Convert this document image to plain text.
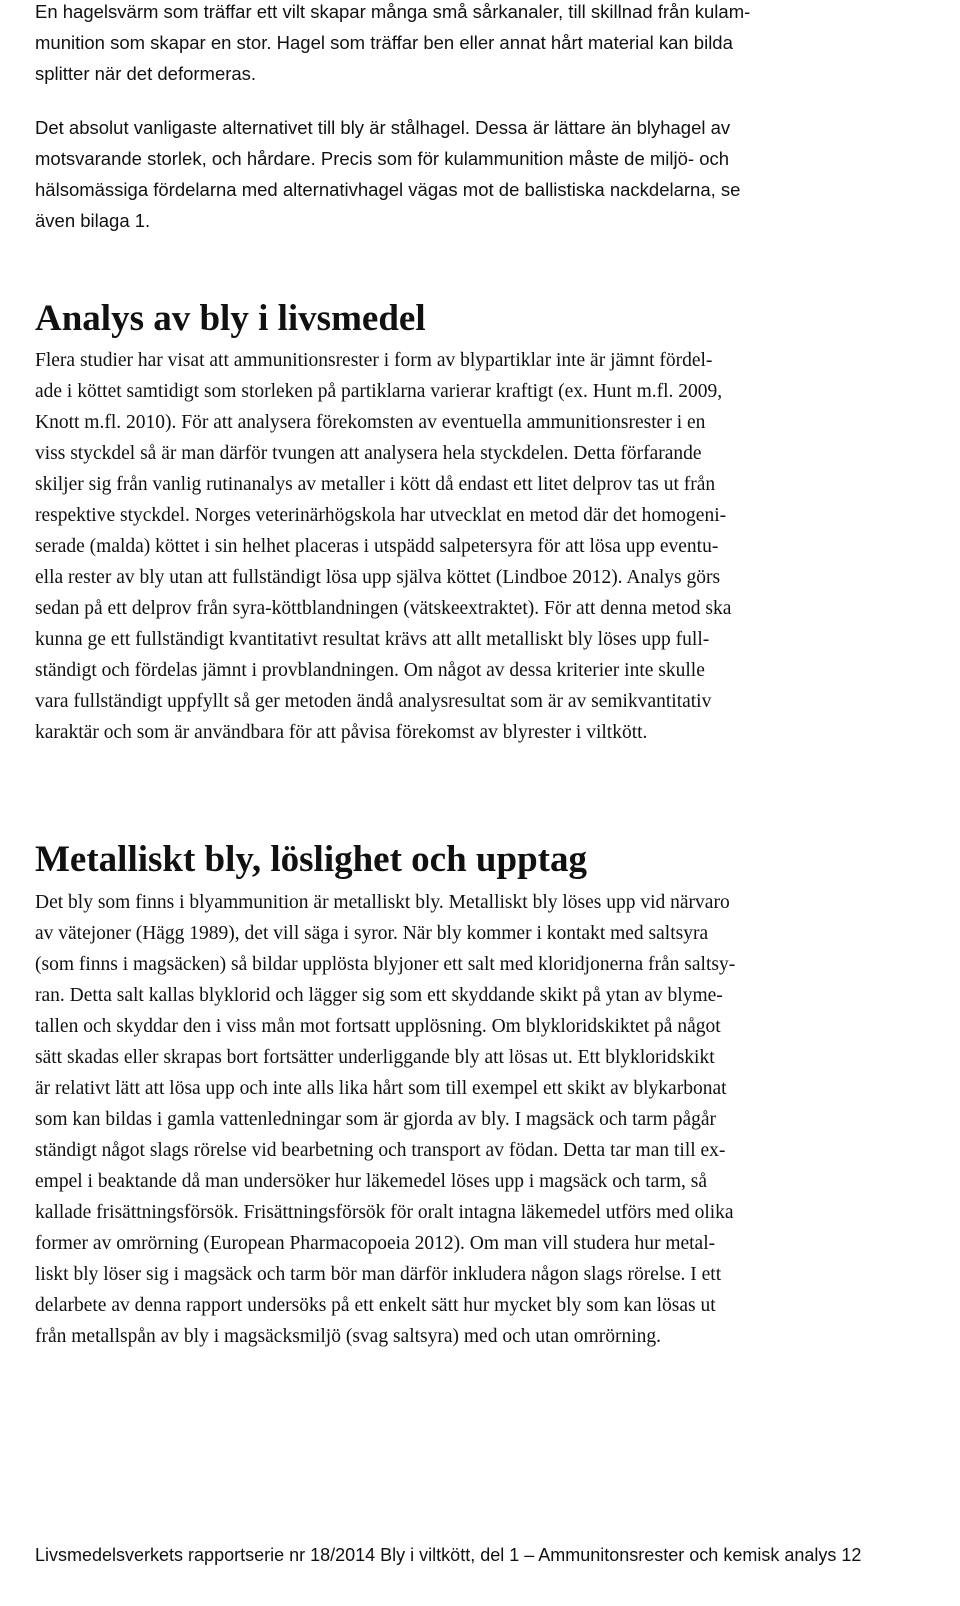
En hagelsvärm som träffar ett vilt skapar många små sårkanaler, till skillnad från kulam-
munition som skapar en stor. Hagel som träffar ben eller annat hårt material kan bilda
splitter när det deformeras.

Det absolut vanligaste alternativet till bly är stålhagel. Dessa är lättare än blyhagel av
motsvarande storlek, och hårdare. Precis som för kulammunition måste de miljö- och
hälsomässiga fördelarna med alternativhagel vägas mot de ballistiska nackdelarna, se
även bilaga 1.

Analys av bly i livsmedel

Flera studier har visat att ammunitionsrester i form av blypartiklar inte är jämnt fördel-
ade i köttet samtidigt som storleken på partiklarna varierar kraftigt (ex. Hunt m.fl. 2009,
Knott m.fl. 2010). För att analysera förekomsten av eventuella ammunitionsrester i en
viss styckdel så är man därför tvungen att analysera hela styckdelen. Detta förfarande
skiljer sig från vanlig rutinanalys av metaller i kött då endast ett litet delprov tas ut från
respektive styckdel. Norges veterinärhögskola har utvecklat en metod där det homogeni-
serade (malda) köttet i sin helhet placeras i utspädd salpetersyra för att lösa upp eventu-
ella rester av bly utan att fullständigt lösa upp själva köttet (Lindboe 2012). Analys görs
sedan på ett delprov från syra-köttblandningen (vätskeextraktet). För att denna metod ska
kunna ge ett fullständigt kvantitativt resultat krävs att allt metalliskt bly löses upp full-
ständigt och fördelas jämnt i provblandningen. Om något av dessa kriterier inte skulle
vara fullständigt uppfyllt så ger metoden ändå analysresultat som är av semikvantitativ
karaktär och som är användbara för att påvisa förekomst av blyrester i viltkött.

Metalliskt bly, löslighet och upptag

Det bly som finns i blyammunition är metalliskt bly. Metalliskt bly löses upp vid närvaro
av vätejoner (Hägg 1989), det vill säga i syror. När bly kommer i kontakt med saltsyra
(som finns i magsäcken) så bildar upplösta blyjoner ett salt med kloridjonerna från saltsy-
ran. Detta salt kallas blyklorid och lägger sig som ett skyddande skikt på ytan av blyme-
tallen och skyddar den i viss mån mot fortsatt upplösning. Om blykloridskiktet på något
sätt skadas eller skrapas bort fortsätter underliggande bly att lösas ut. Ett blykloridskikt
är relativt lätt att lösa upp och inte alls lika hårt som till exempel ett skikt av blykarbonat
som kan bildas i gamla vattenledningar som är gjorda av bly. I magsäck och tarm pågår
ständigt något slags rörelse vid bearbetning och transport av födan. Detta tar man till ex-
empel i beaktande då man undersöker hur läkemedel löses upp i magsäck och tarm, så
kallade frisättningsförsök. Frisättningsförsök för oralt intagna läkemedel utförs med olika
former av omrörning (European Pharmacopoeia 2012). Om man vill studera hur metal-
liskt bly löser sig i magsäck och tarm bör man därför inkludera någon slags rörelse. I ett
delarbete av denna rapport undersöks på ett enkelt sätt hur mycket bly som kan lösas ut
från metallspån av bly i magsäcksmiljö (svag saltsyra) med och utan omrörning.

Livsmedelsverkets rapportserie nr 18/2014 Bly i viltkött, del 1 – Ammunitonsrester och kemisk analys 12
